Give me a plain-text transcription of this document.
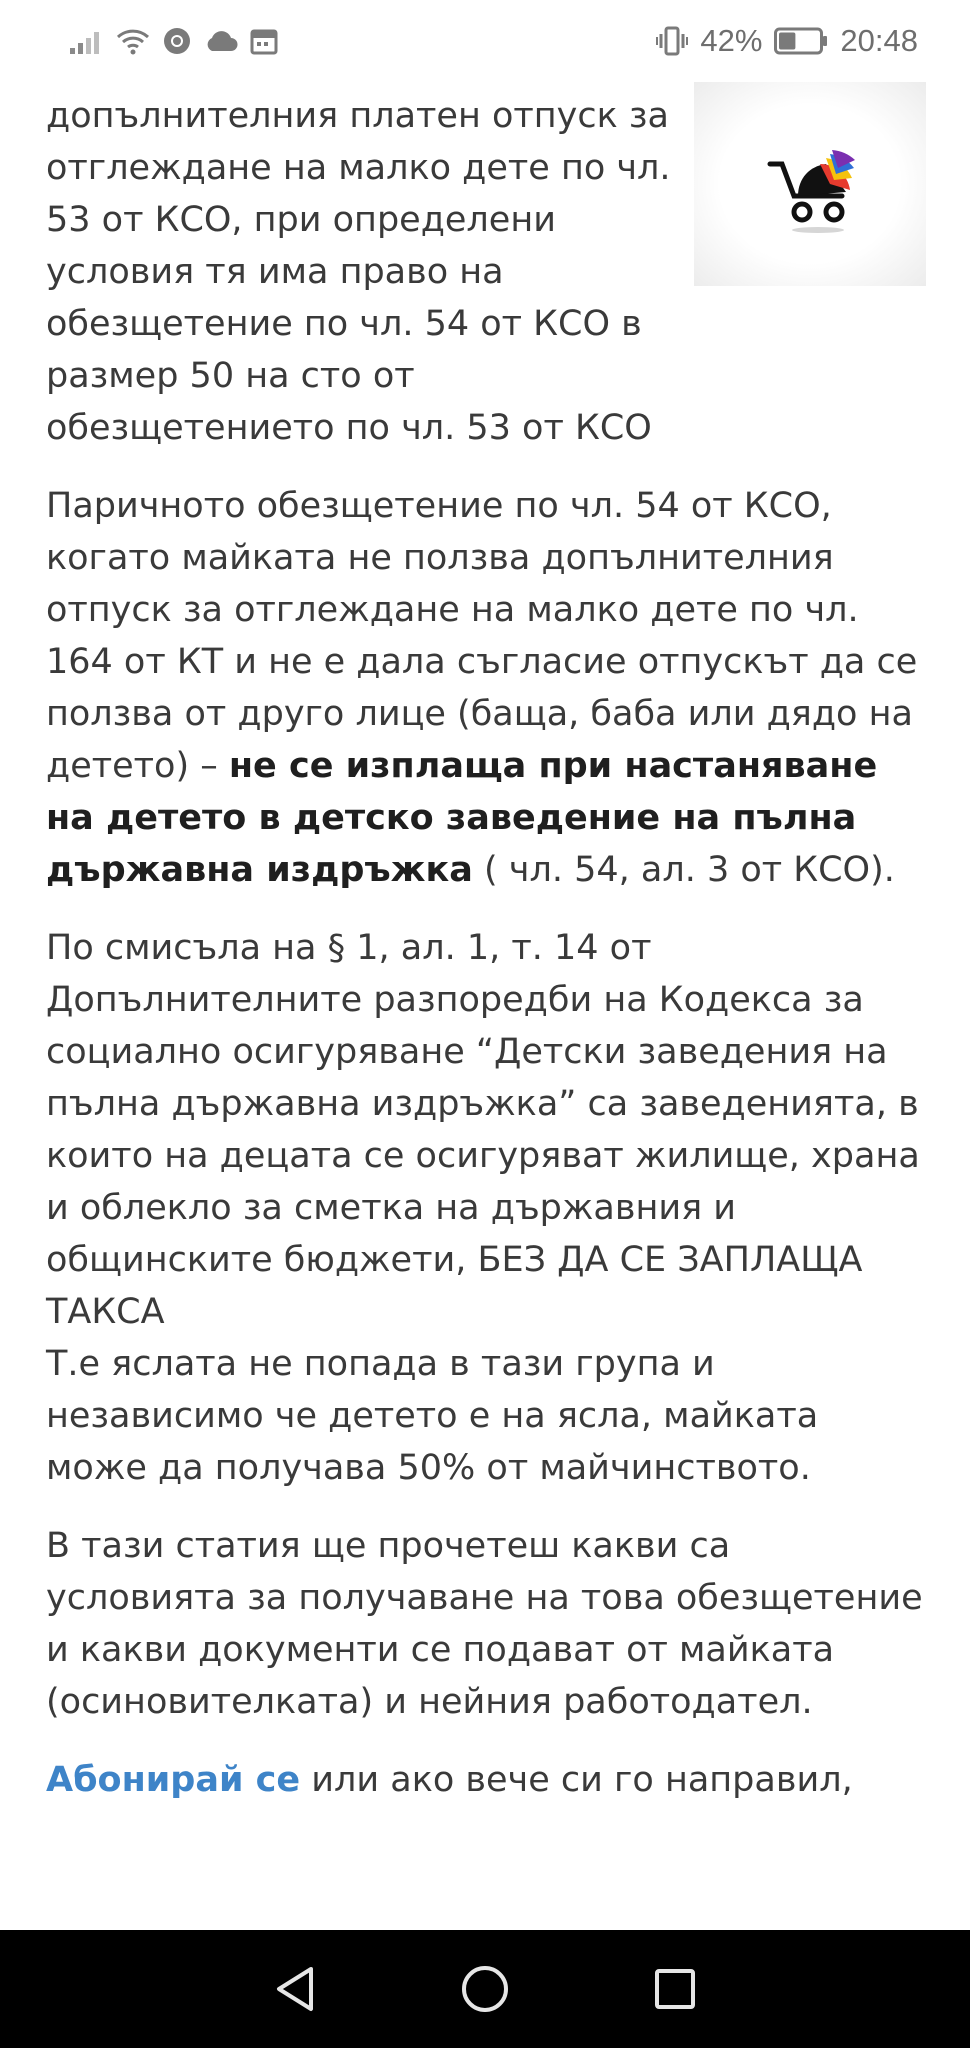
допълнителния платен отпуск за отглеждане на малко дете по чл. 53 от КСО, при определени условия тя има право на обезщетение по чл. 54 от КСО в размер 50 на сто от обезщетението по чл. 53 от КСО

Паричното обезщетение по чл. 54 от КСО, когато майката не ползва допълнителния отпуск за отглеждане на малко дете по чл. 164 от КТ и не е дала съгласие отпускът да се ползва от друго лице (баща, баба или дядо на детето) – не се изплаща при настаняване на детето в детско заведение на пълна държавна издръжка ( чл. 54, ал. 3 от КСО).

По смисъла на § 1, ал. 1, т. 14 от Допълнителните разпоредби на Кодекса за социално осигуряване “Детски заведения на пълна държавна издръжка” са заведенията, в които на децата се осигуряват жилище, храна и облекло за сметка на държавния и общинските бюджети, БЕЗ ДА СЕ ЗАПЛАЩА ТАКСА
Т.е яслата не попада в тази група и независимо че детето е на ясла, майката може да получава 50% от майчинството.

В тази статия ще прочетеш какви са условията за получаване на това обезщетение и какви документи се подават от майката (осиновителката) и нейния работодател.

Абонирай се или ако вече си го направил,

42%	20:48
